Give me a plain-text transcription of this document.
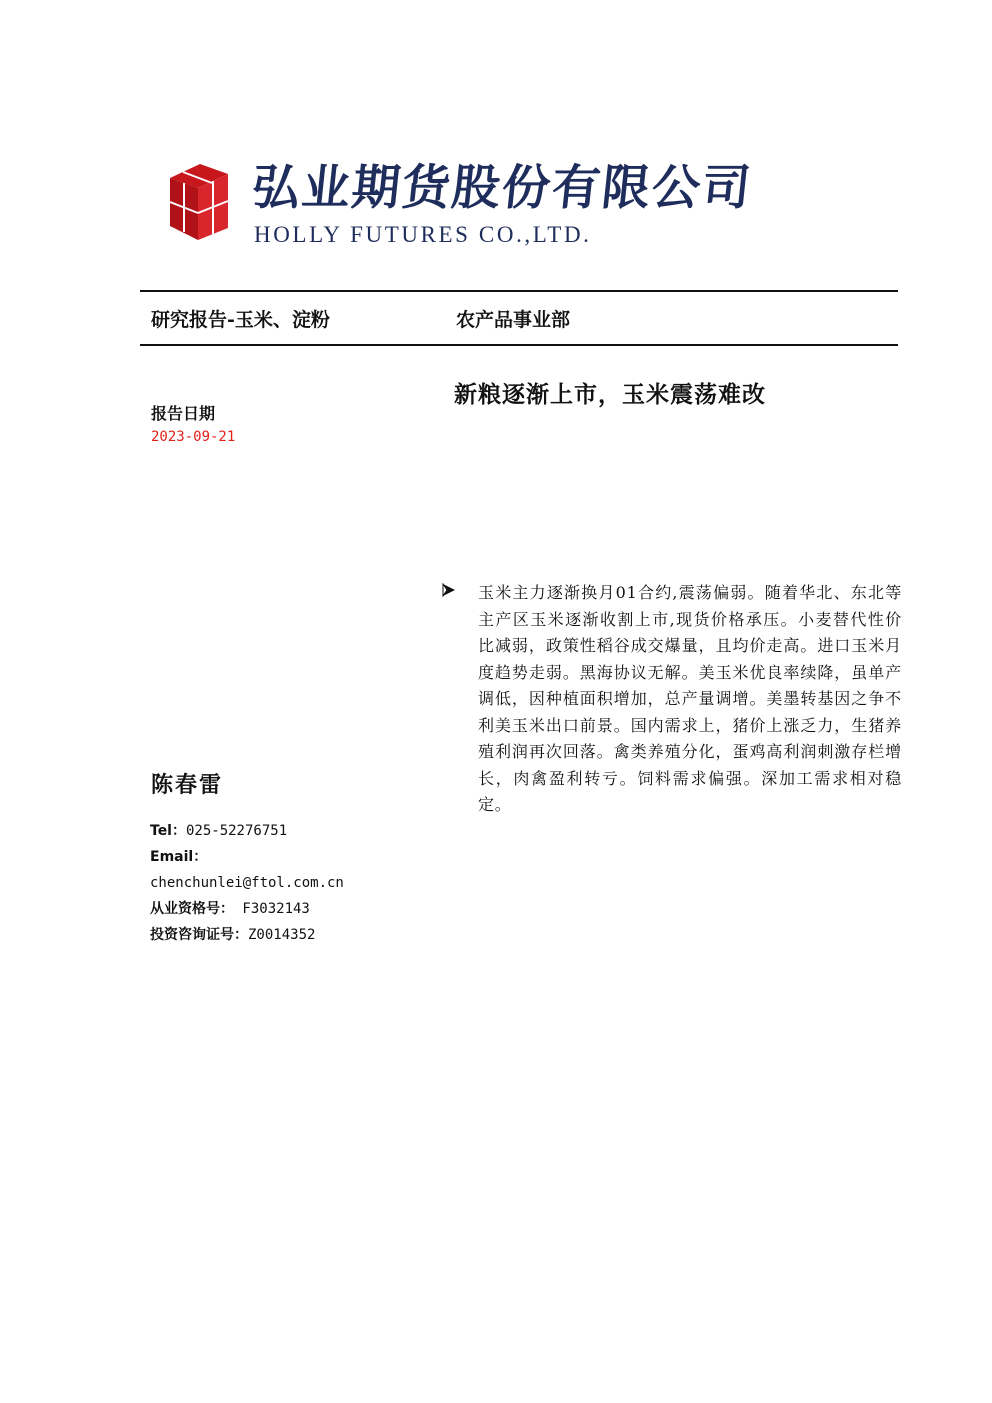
弘业期货股份有限公司
HOLLY FUTURES CO.,LTD.
研究报告-玉米、淀粉	农产品事业部
新粮逐渐上市，玉米震荡难改
报告日期
2023-09-21

玉米主力逐渐换月01合约,震荡偏弱。随着华北、东北等主产区玉米逐渐收割上市,现货价格承压。小麦替代性价比减弱，政策性稻谷成交爆量，且均价走高。进口玉米月度趋势走弱。黑海协议无解。美玉米优良率续降，虽单产调低，因种植面积增加，总产量调增。美墨转基因之争不利美玉米出口前景。国内需求上，猪价上涨乏力，生猪养殖利润再次回落。禽类养殖分化，蛋鸡高利润刺激存栏增长，肉禽盈利转亏。饲料需求偏强。深加工需求相对稳定。

陈春雷
Tel：025-52276751
Email：
chenchunlei@ftol.com.cn
从业资格号： F3032143
投资咨询证号：Z0014352
